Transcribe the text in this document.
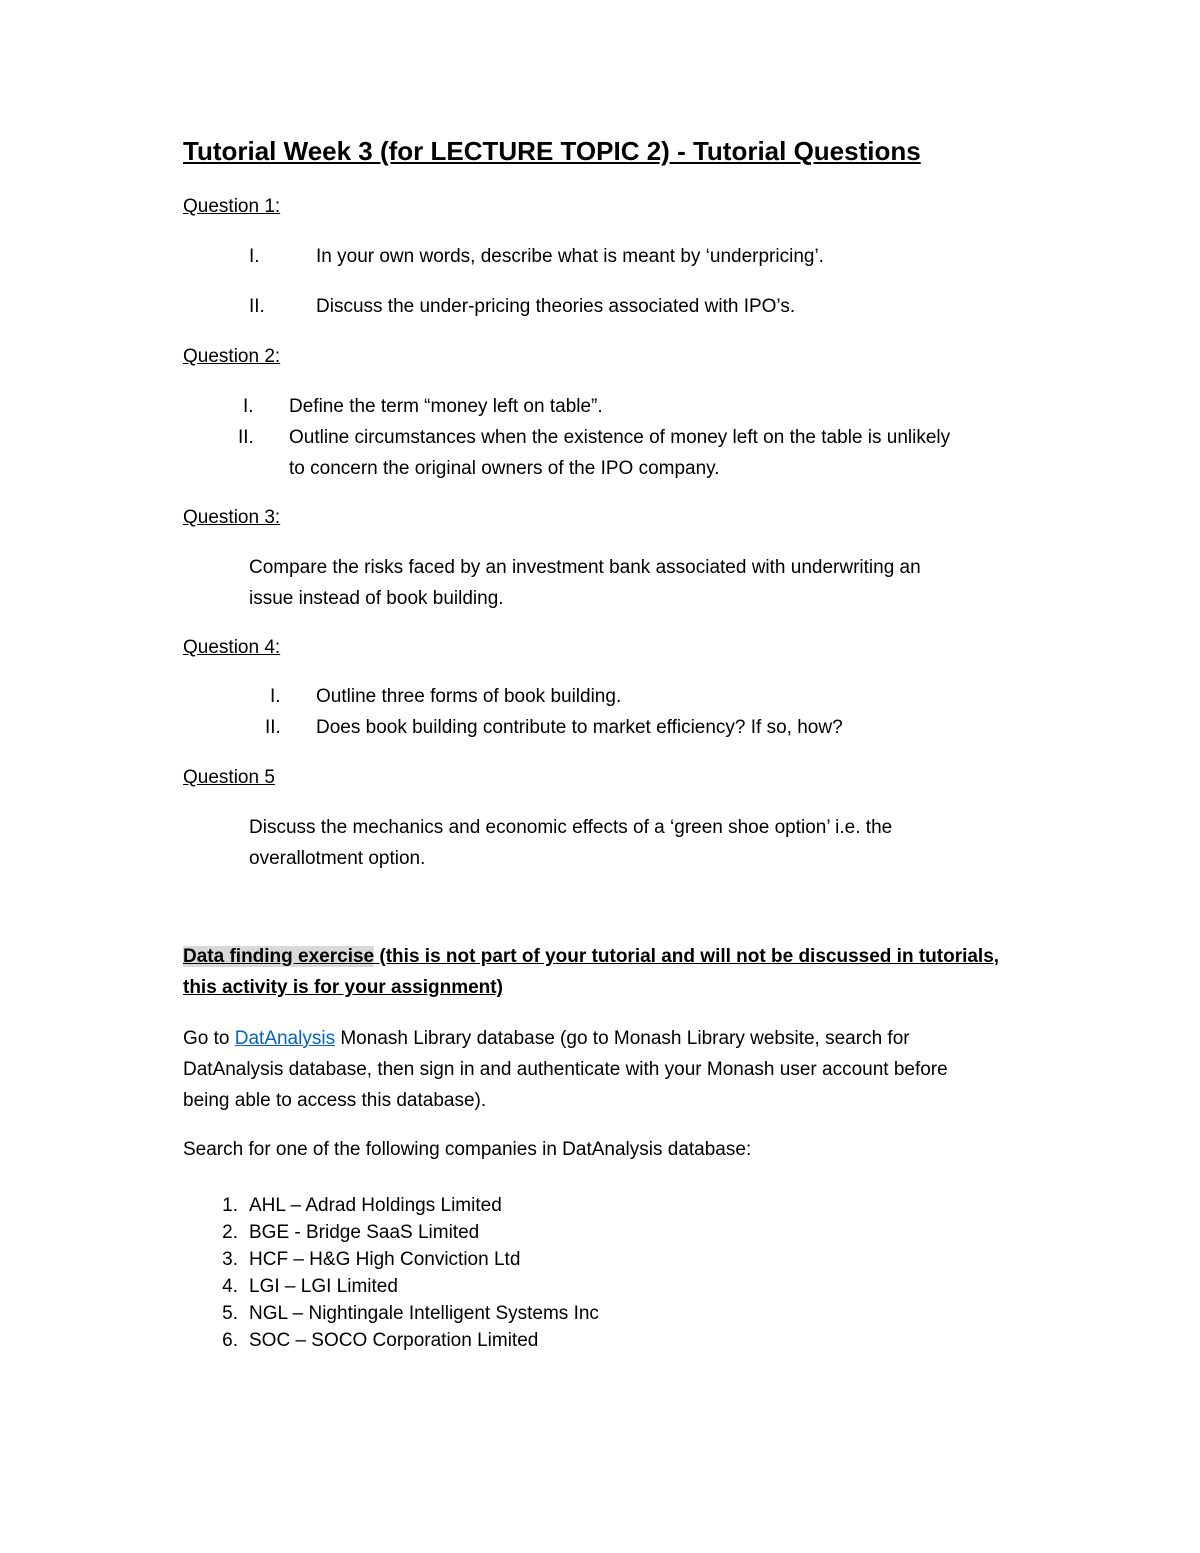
Tutorial Week 3 (for LECTURE TOPIC 2) - Tutorial Questions
Question 1:
I.	In your own words, describe what is meant by ‘underpricing’.
II.	Discuss the under-pricing theories associated with IPO’s.
Question 2:
I. Define the term “money left on table”.
II. Outline circumstances when the existence of money left on the table is unlikely
to concern the original owners of the IPO company.
Question 3:
Compare the risks faced by an investment bank associated with underwriting an
issue instead of book building.
Question 4:
I. Outline three forms of book building.
II. Does book building contribute to market efficiency? If so, how?
Question 5
Discuss the mechanics and economic effects of a ‘green shoe option’ i.e. the
overallotment option.
Data finding exercise (this is not part of your tutorial and will not be discussed in tutorials,
this activity is for your assignment)
Go to DatAnalysis Monash Library database (go to Monash Library website, search for
DatAnalysis database, then sign in and authenticate with your Monash user account before
being able to access this database).
Search for one of the following companies in DatAnalysis database:
1. AHL – Adrad Holdings Limited
2. BGE - Bridge SaaS Limited
3. HCF – H&G High Conviction Ltd
4. LGI – LGI Limited
5. NGL – Nightingale Intelligent Systems Inc
6. SOC – SOCO Corporation Limited
